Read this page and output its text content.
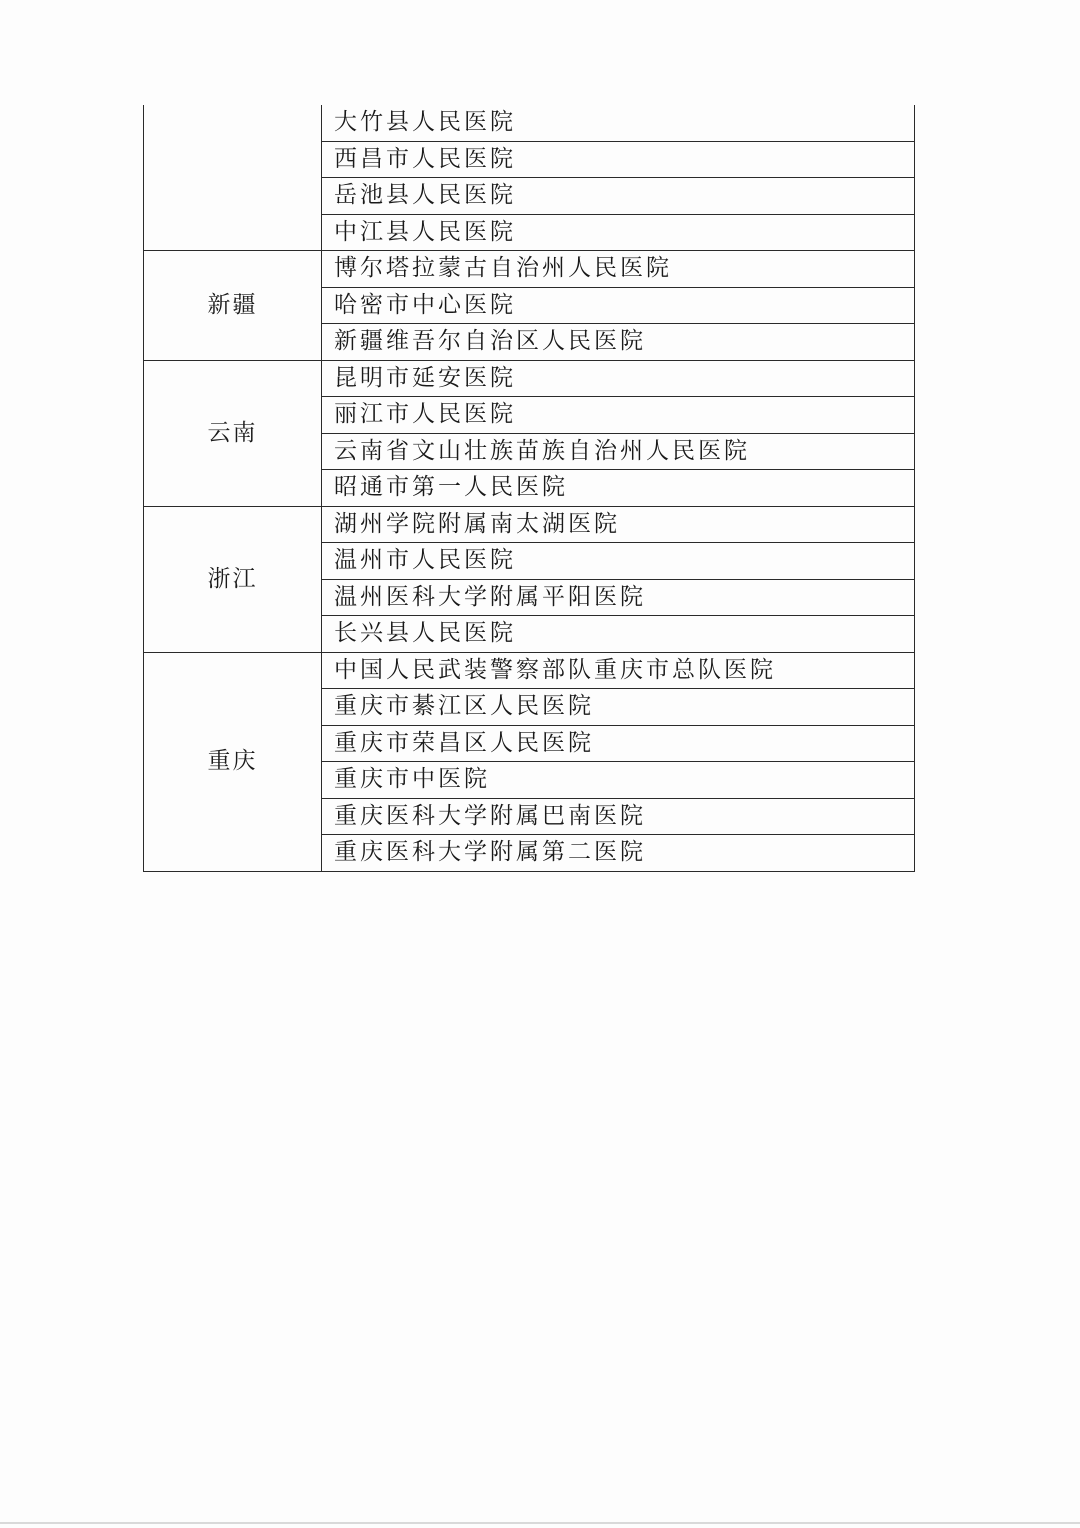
	大竹县人民医院
	西昌市人民医院
	岳池县人民医院
	中江县人民医院
新疆	博尔塔拉蒙古自治州人民医院
	哈密市中心医院
	新疆维吾尔自治区人民医院
云南	昆明市延安医院
	丽江市人民医院
	云南省文山壮族苗族自治州人民医院
	昭通市第一人民医院
浙江	湖州学院附属南太湖医院
	温州市人民医院
	温州医科大学附属平阳医院
	长兴县人民医院
重庆	中国人民武装警察部队重庆市总队医院
	重庆市綦江区人民医院
	重庆市荣昌区人民医院
	重庆市中医院
	重庆医科大学附属巴南医院
	重庆医科大学附属第二医院
